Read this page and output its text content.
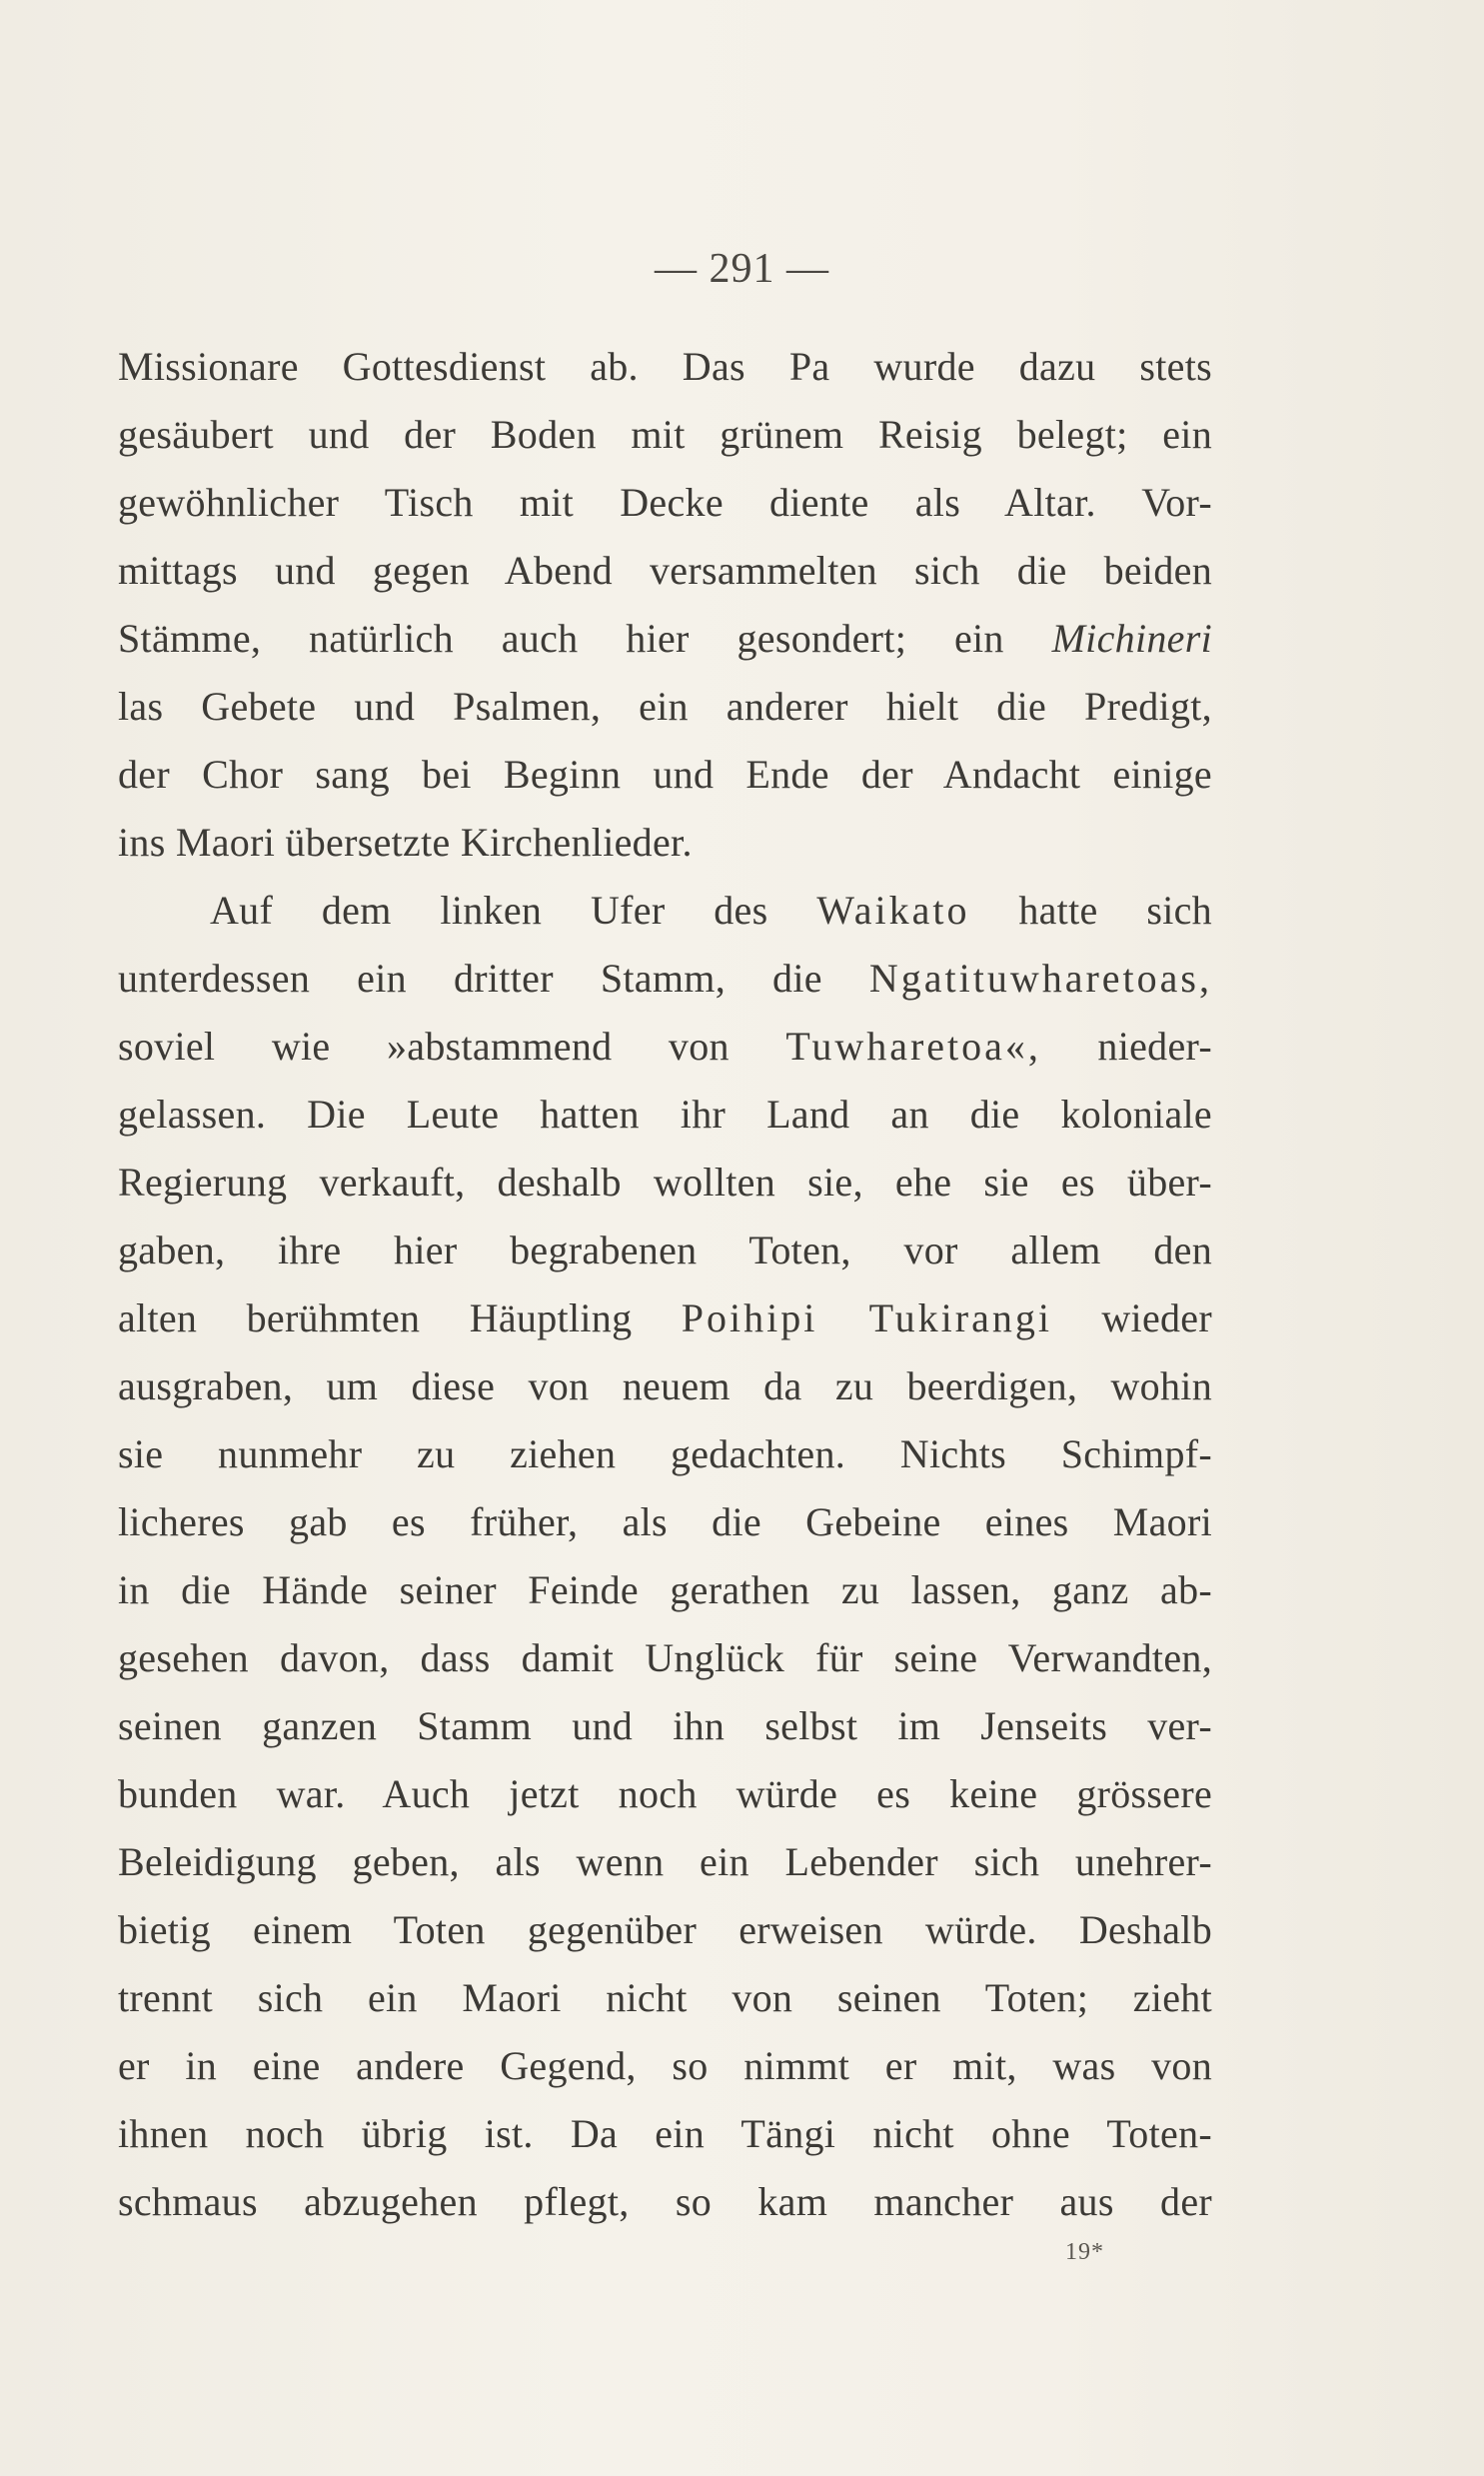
— 291 —
Missionare Gottesdienst ab. Das Pa wurde dazu stets
gesäubert und der Boden mit grünem Reisig belegt; ein
gewöhnlicher Tisch mit Decke diente als Altar. Vor-
mittags und gegen Abend versammelten sich die beiden
Stämme, natürlich auch hier gesondert; ein Michineri
las Gebete und Psalmen, ein anderer hielt die Predigt,
der Chor sang bei Beginn und Ende der Andacht einige
ins Maori übersetzte Kirchenlieder.
Auf dem linken Ufer des Waikato hatte sich
unterdessen ein dritter Stamm, die Ngatituwharetoas,
soviel wie »abstammend von Tuwharetoa«, nieder-
gelassen. Die Leute hatten ihr Land an die koloniale
Regierung verkauft, deshalb wollten sie, ehe sie es über-
gaben, ihre hier begrabenen Toten, vor allem den
alten berühmten Häuptling Poihipi Tukirangi wieder
ausgraben, um diese von neuem da zu beerdigen, wohin
sie nunmehr zu ziehen gedachten. Nichts Schimpf-
licheres gab es früher, als die Gebeine eines Maori
in die Hände seiner Feinde gerathen zu lassen, ganz ab-
gesehen davon, dass damit Unglück für seine Verwandten,
seinen ganzen Stamm und ihn selbst im Jenseits ver-
bunden war. Auch jetzt noch würde es keine grössere
Beleidigung geben, als wenn ein Lebender sich unehrer-
bietig einem Toten gegenüber erweisen würde. Deshalb
trennt sich ein Maori nicht von seinen Toten; zieht
er in eine andere Gegend, so nimmt er mit, was von
ihnen noch übrig ist. Da ein Tängi nicht ohne Toten-
schmaus abzugehen pflegt, so kam mancher aus der
19*
